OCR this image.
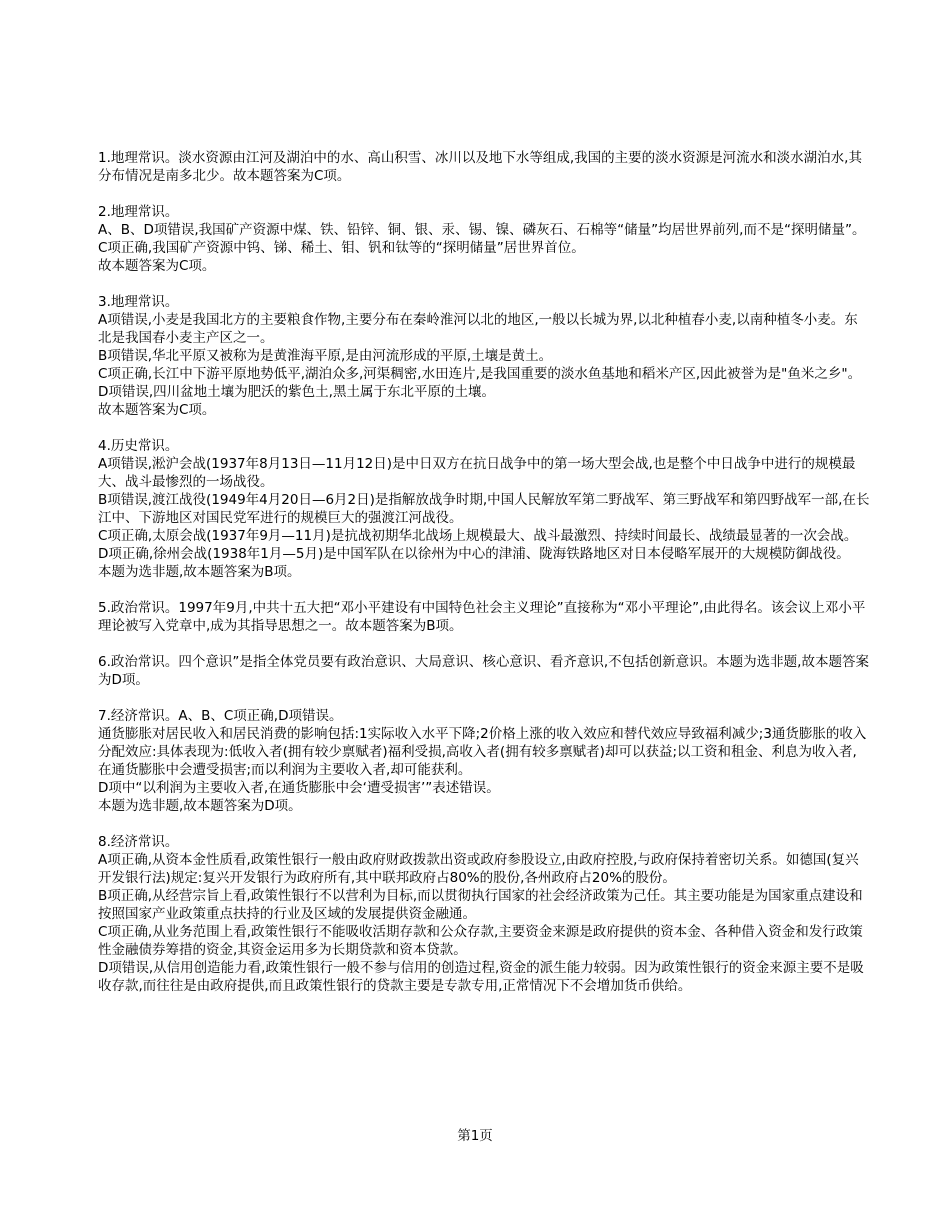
1.地理常识。淡水资源由江河及湖泊中的水、高山积雪、冰川以及地下水等组成,我国的主要的淡水资源是河流水和淡水湖泊水,其分布情况是南多北少。故本题答案为C项。
2.地理常识。
A、B、D项错误,我国矿产资源中煤、铁、铅锌、铜、银、汞、锡、镍、磷灰石、石棉等“储量”均居世界前列,而不是“探明储量”。
C项正确,我国矿产资源中钨、锑、稀土、钼、钒和钛等的“探明储量”居世界首位。
故本题答案为C项。
3.地理常识。
A项错误,小麦是我国北方的主要粮食作物,主要分布在秦岭淮河以北的地区,一般以长城为界,以北种植春小麦,以南种植冬小麦。东北是我国春小麦主产区之一。
B项错误,华北平原又被称为是黄淮海平原,是由河流形成的平原,土壤是黄土。
C项正确,长江中下游平原地势低平,湖泊众多,河渠稠密,水田连片,是我国重要的淡水鱼基地和稻米产区,因此被誉为是"鱼米之乡"。
D项错误,四川盆地土壤为肥沃的紫色土,黑土属于东北平原的土壤。
故本题答案为C项。
4.历史常识。
A项错误,淞沪会战(1937年8月13日—11月12日)是中日双方在抗日战争中的第一场大型会战,也是整个中日战争中进行的规模最大、战斗最惨烈的一场战役。
B项错误,渡江战役(1949年4月20日—6月2日)是指解放战争时期,中国人民解放军第二野战军、第三野战军和第四野战军一部,在长江中、下游地区对国民党军进行的规模巨大的强渡江河战役。
C项正确,太原会战(1937年9月—11月)是抗战初期华北战场上规模最大、战斗最激烈、持续时间最长、战绩最显著的一次会战。
D项正确,徐州会战(1938年1月—5月)是中国军队在以徐州为中心的津浦、陇海铁路地区对日本侵略军展开的大规模防御战役。
本题为选非题,故本题答案为B项。
5.政治常识。1997年9月,中共十五大把“邓小平建设有中国特色社会主义理论”直接称为“邓小平理论”,由此得名。该会议上邓小平理论被写入党章中,成为其指导思想之一。故本题答案为B项。
6.政治常识。四个意识”是指全体党员要有政治意识、大局意识、核心意识、看齐意识,不包括创新意识。本题为选非题,故本题答案为D项。
7.经济常识。A、B、C项正确,D项错误。
通货膨胀对居民收入和居民消费的影响包括:1实际收入水平下降;2价格上涨的收入效应和替代效应导致福利减少;3通货膨胀的收入分配效应:具体表现为:低收入者(拥有较少禀赋者)福利受损,高收入者(拥有较多禀赋者)却可以获益;以工资和租金、利息为收入者,在通货膨胀中会遭受损害;而以利润为主要收入者,却可能获利。
D项中“以利润为主要收入者,在通货膨胀中会‘遭受损害’”表述错误。
本题为选非题,故本题答案为D项。
8.经济常识。
A项正确,从资本金性质看,政策性银行一般由政府财政拨款出资或政府参股设立,由政府控股,与政府保持着密切关系。如德国(复兴开发银行法)规定:复兴开发银行为政府所有,其中联邦政府占80%的股份,各州政府占20%的股份。
B项正确,从经营宗旨上看,政策性银行不以营利为目标,而以贯彻执行国家的社会经济政策为己任。其主要功能是为国家重点建设和按照国家产业政策重点扶持的行业及区域的发展提供资金融通。
C项正确,从业务范围上看,政策性银行不能吸收活期存款和公众存款,主要资金来源是政府提供的资本金、各种借入资金和发行政策性金融债券筹措的资金,其资金运用多为长期贷款和资本贷款。
D项错误,从信用创造能力看,政策性银行一般不参与信用的创造过程,资金的派生能力较弱。因为政策性银行的资金来源主要不是吸收存款,而往往是由政府提供,而且政策性银行的贷款主要是专款专用,正常情况下不会增加货币供给。
第1页
